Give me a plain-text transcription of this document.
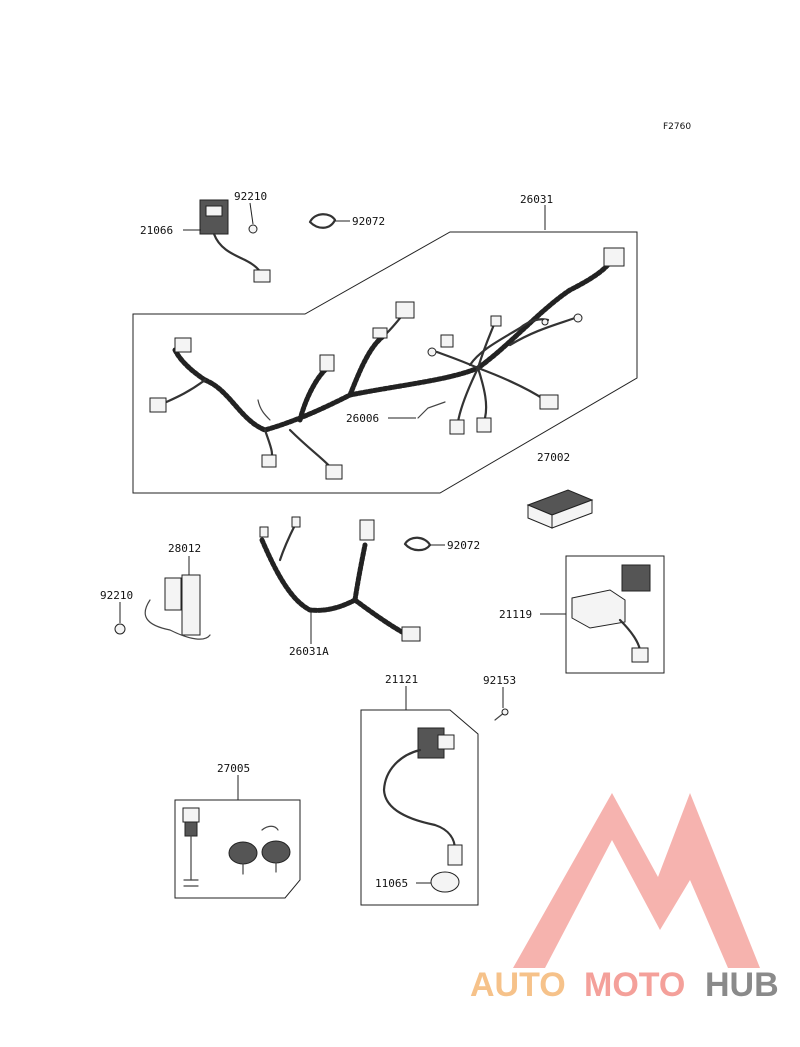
F2760
26031
26006
92210
21066
92072
27002
28012
92210
26031A
92072
21119
21121
11065
92153
27005
AUTO MOTO HUB
